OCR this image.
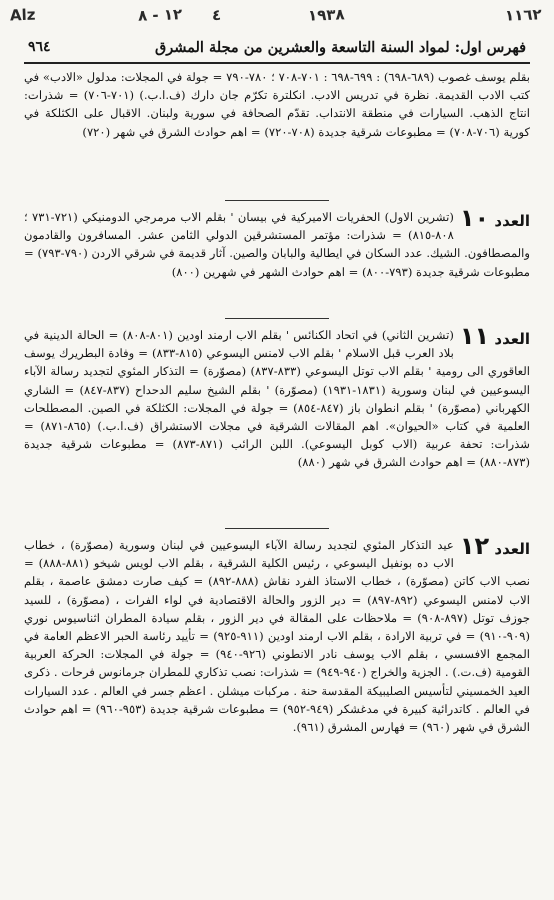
Alz	١٢ - ٨ ٤	١٩٣٨	١١٦٢
فهرس اول: لمواد السنة التاسعة والعشرين من مجلة المشرق
٩٦٤

بقلم يوسف غصوب (٦٨٩-٦٩٨) : ٦٩٩-٦٩٨ : ٧٠١-٧٠٨ ؛ ٧٨٠-٧٩٠ = جولة في المجلات: مدلول «الادب» في كتب الادب القديمة. نظرة في تدريس الادب. انكلترة تكرّم جان دارك (ف.ا.ب.) (٧٠١-٧٠٦) = شذرات: انتاج الذهب. السيارات في منطقة الانتداب. تقدّم الصحافة في سورية ولبنان. الاقبال على الكثلكة في كورية (٧٠٦-٧٠٨) = مطبوعات شرقية جديدة (٧٠٨-٧٢٠) = اهم حوادث الشرق في شهر (٧٢٠)

العدد ١٠

(تشرين الاول) الحفريات الاميركية في بيسان ' بقلم الاب مرمرجي الدومنيكي (٧٢١-٧٣١ ؛ ٨٠٨-٨١٥) = شذرات: مؤتمر المستشرقين الدولي الثامن عشر. المسافرون والقادمون والمصطافون. الشيك. عدد السكان في ايطالية والبابان والصين. آثار قديمة في شرقي الاردن (٧٩٠-٧٩٣) = مطبوعات شرقية جديدة (٧٩٣-٨٠٠) = اهم حوادث الشهر في شهرين (٨٠٠)

العدد ١١

(تشرين الثاني) في اتحاد الكنائس ' بقلم الاب ارمند اودين (٨٠١-٨٠٨) = الحالة الدينية في بلاد العرب قبل الاسلام ' بقلم الاب لامنس اليسوعي (٨١٥-٨٣٣) = وفادة البطريرك يوسف العاقوري الى رومية ' بقلم الاب توتل اليسوعي (٨٣٣-٨٣٧) (مصوّرة) = التذكار المئوي لتجديد رسالة الآباء اليسوعيين في لبنان وسورية (١٨٣١-١٩٣١) (مصوّرة) ' بقلم الشيخ سليم الدحداح (٨٣٧-٨٤٧) = الشاري الكهرباني (مصوّرة) ' بقلم انطوان باز (٨٤٧-٨٥٤) = جولة في المجلات: الكثلكة في الصين. المصطلحات العلمية في كتاب «الحيوان». اهم المقالات الشرقية في مجلات الاستشراق (ف.ا.ب.) (٨٦٥-٨٧١) = شذرات: تحفة عربية (الاب كوبل اليسوعي). اللبن الرائب (٨٧١-٨٧٣) = مطبوعات شرقية جديدة (٨٧٣-٨٨٠) = اهم حوادث الشرق في شهر (٨٨٠)

العدد ١٢

عيد التذكار المئوي لتجديد رسالة الآباء اليسوعيين في لبنان وسورية (مصوّرة) ، خطاب الاب ده بونفيل اليسوعي ، رئيس الكلية الشرقية ، بقلم الاب لويس شيخو (٨٨١-٨٨٨) = نصب الاب كاتن (مصوّرة) ، خطاب الاستاذ الفرد نقاش (٨٨٨-٨٩٢) = كيف صارت دمشق عاصمة ، بقلم الاب لامنس اليسوعي (٨٩٢-٨٩٧) = دير الزور والحالة الاقتصادية في لواء الفرات ، (مصوّرة) ، للسيد جوزف توتل (٨٩٧-٩٠٨) = ملاحظات على المقالة في دير الزور ، بقلم سيادة المطران اثناسيوس نوري (٩٠٩-٩١٠) = في تربية الارادة ، بقلم الاب ارمند اودين (٩١١-٩٢٥) = تأييد رئاسة الحبر الاعظم العامة في المجمع الافسسي ، بقلم الاب يوسف نادر الانطوني (٩٢٦-٩٤٠) = جولة في المجلات: الحركة العربية القومية (ف.ت.) . الجزية والخراج (٩٤٠-٩٤٩) = شذرات: نصب تذكاري للمطران جرمانوس فرحات . ذكرى العيد الخمسيني لتأسيس الصليبيكة المقدسة حنة . مركبات ميشلن . اعظم جسر في العالم . عدد السيارات في العالم . كاتدرائية كبيرة في مدغشكر (٩٤٩-٩٥٢) = مطبوعات شرقية جديدة (٩٥٣-٩٦٠) = اهم حوادث الشرق في شهر (٩٦٠) = فهارس المشرق (٩٦١).
